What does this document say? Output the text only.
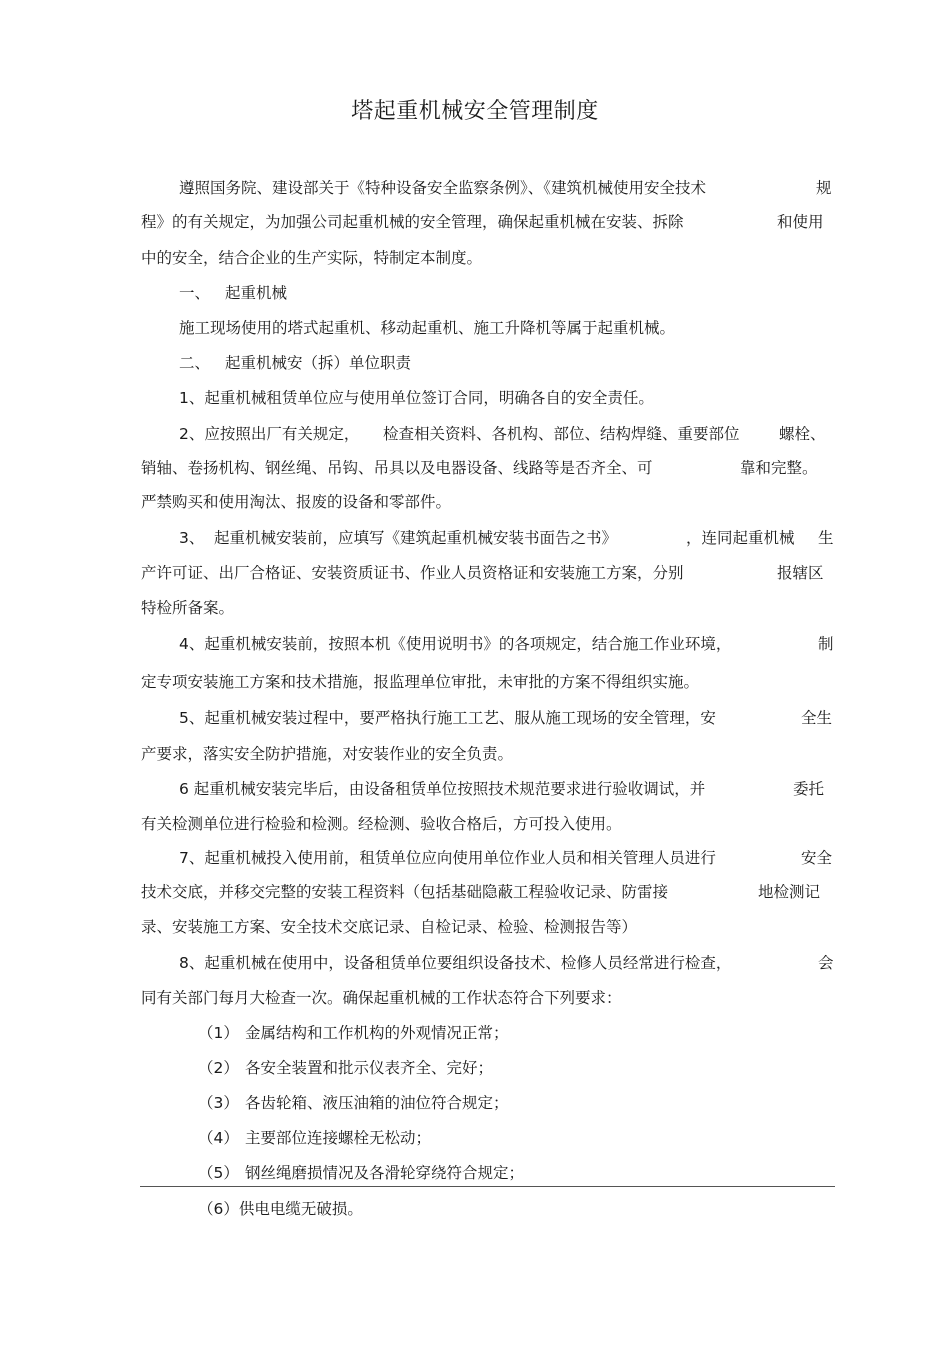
塔起重机械安全管理制度
遵照国务院、建设部关于《特种设备安全监察条例》、《建筑机械使用安全技术	规
程》的有关规定，为加强公司起重机械的安全管理，确保起重机械在安装、拆除	和使用
中的安全，结合企业的生产实际，特制定本制度。
一、 起重机械
施工现场使用的塔式起重机、移动起重机、施工升降机等属于起重机械。
二、 起重机械安（拆）单位职责
1、起重机械租赁单位应与使用单位签订合同，明确各自的安全责任。
2、应按照出厂有关规定， 检查相关资料、各机构、部位、结构焊缝、重要部位	螺栓、
销轴、卷扬机构、钢丝绳、吊钩、吊具以及电器设备、线路等是否齐全、可	靠和完整。
严禁购买和使用淘汰、报废的设备和零部件。
3、 起重机械安装前，应填写《建筑起重机械安装书面告之书》	，连同起重机械 生
产许可证、出厂合格证、安装资质证书、作业人员资格证和安装施工方案，分别	报辖区
特检所备案。
4、起重机械安装前，按照本机《使用说明书》的各项规定，结合施工作业环境，	制
定专项安装施工方案和技术措施，报监理单位审批，未审批的方案不得组织实施。
5、起重机械安装过程中，要严格执行施工工艺、服从施工现场的安全管理，安	全生
产要求，落实安全防护措施，对安装作业的安全负责。
6 起重机械安装完毕后，由设备租赁单位按照技术规范要求进行验收调试，并	委托
有关检测单位进行检验和检测。经检测、验收合格后，方可投入使用。
7、起重机械投入使用前，租赁单位应向使用单位作业人员和相关管理人员进行	安全
技术交底，并移交完整的安装工程资料（包括基础隐蔽工程验收记录、防雷接	地检测记
录、安装施工方案、安全技术交底记录、自检记录、检验、检测报告等）
8、起重机械在使用中，设备租赁单位要组织设备技术、检修人员经常进行检查，	会
同有关部门每月大检查一次。确保起重机械的工作状态符合下列要求：
（1） 金属结构和工作机构的外观情况正常；
（2） 各安全装置和批示仪表齐全、完好；
（3） 各齿轮箱、液压油箱的油位符合规定；
（4） 主要部位连接螺栓无松动；
（5） 钢丝绳磨损情况及各滑轮穿绕符合规定；
（6）供电电缆无破损。
